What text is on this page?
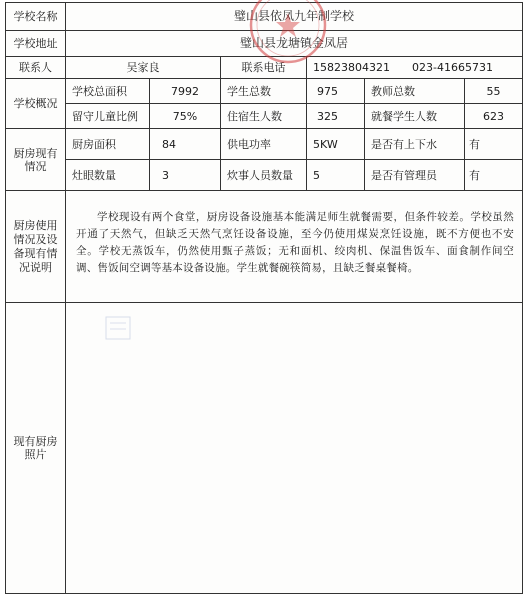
学校名称	璧山县依凤九年制学校
学校地址	璧山县龙塘镇金凤居
联系人	吴家良	联系电话	15823804321 023-41665731
学校概况
学校总面积	7992	学生总数	975	教师总数	55
留守儿童比例	75%	住宿生人数	325	就餐学生人数	623
厨房现有情况
厨房面积	84	供电功率	5KW	是否有上下水	有
灶眼数量	3	炊事人员数量	5	是否有管理员	有
厨房使用情况及设备现有情况说明
学校现设有两个食堂，厨房设备设施基本能满足师生就餐需要，但条件较差。学校虽然开通了天然气，但缺乏天然气烹饪设备设施，至今仍使用煤炭烹饪设施，既不方便也不安全。学校无蒸饭车，仍然使用甄子蒸饭；无和面机、绞肉机、保温售饭车、面食制作间空调、售饭间空调等基本设备设施。学生就餐碗筷简易，且缺乏餐桌餐椅。
现有厨房照片
